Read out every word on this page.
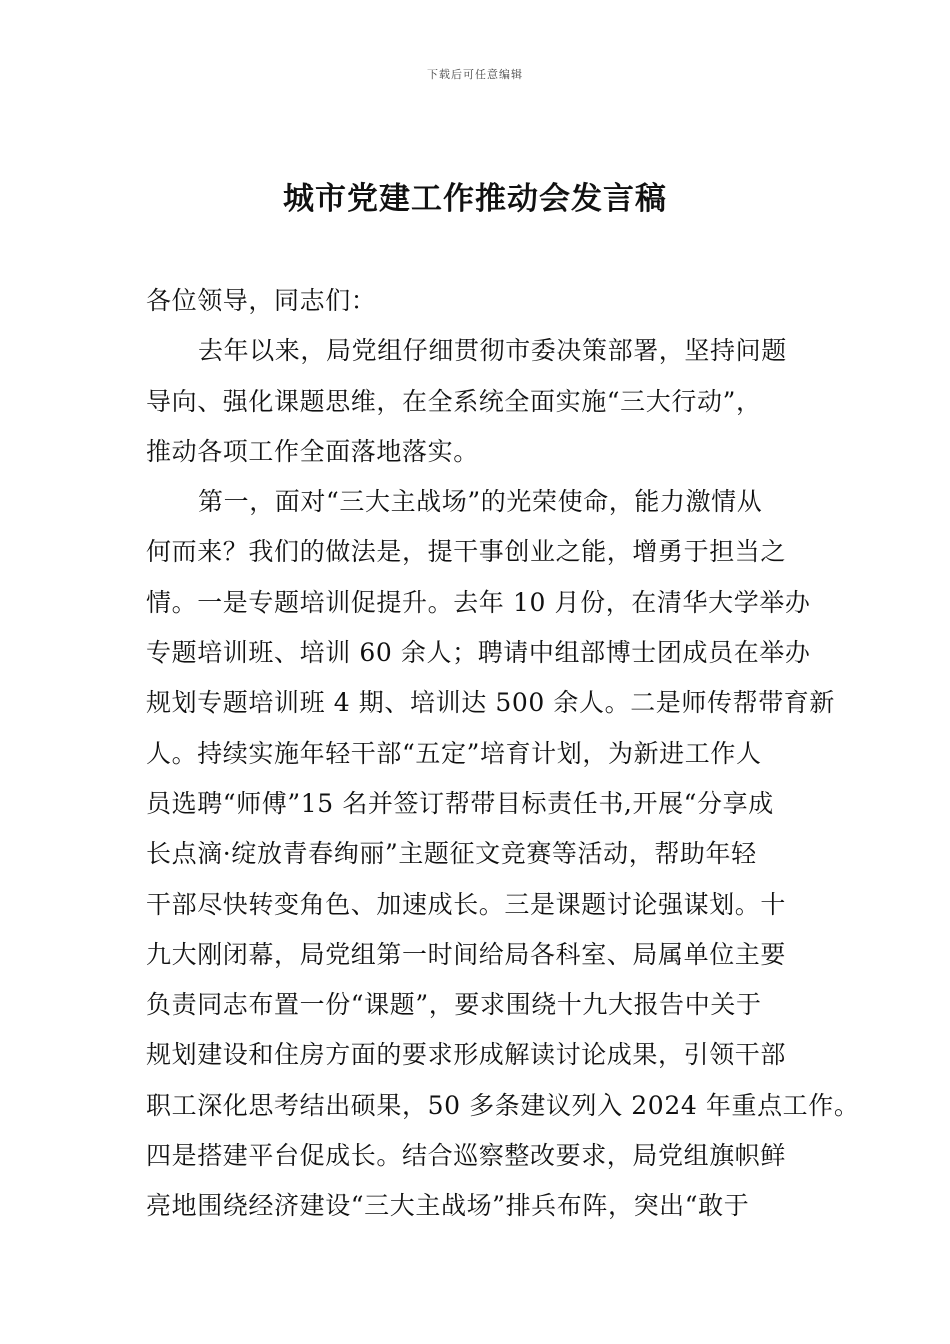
下载后可任意编辑
城市党建工作推动会发言稿
各位领导，同志们：
去年以来，局党组仔细贯彻市委决策部署，坚持问题
导向、强化课题思维，在全系统全面实施“三大行动”，
推动各项工作全面落地落实。
第一，面对“三大主战场”的光荣使命，能力激情从
何而来？我们的做法是，提干事创业之能，增勇于担当之
情。一是专题培训促提升。去年 10 月份，在清华大学举办
专题培训班、培训 60 余人；聘请中组部博士团成员在举办
规划专题培训班 4 期、培训达 500 余人。二是师传帮带育新
人。持续实施年轻干部“五定”培育计划，为新进工作人
员选聘“师傅”15 名并签订帮带目标责任书,开展“分享成
长点滴·绽放青春绚丽”主题征文竞赛等活动，帮助年轻
干部尽快转变角色、加速成长。三是课题讨论强谋划。十
九大刚闭幕，局党组第一时间给局各科室、局属单位主要
负责同志布置一份“课题”，要求围绕十九大报告中关于
规划建设和住房方面的要求形成解读讨论成果，引领干部
职工深化思考结出硕果，50 多条建议列入 2024 年重点工作。
四是搭建平台促成长。结合巡察整改要求，局党组旗帜鲜
亮地围绕经济建设“三大主战场”排兵布阵，突出“敢于
